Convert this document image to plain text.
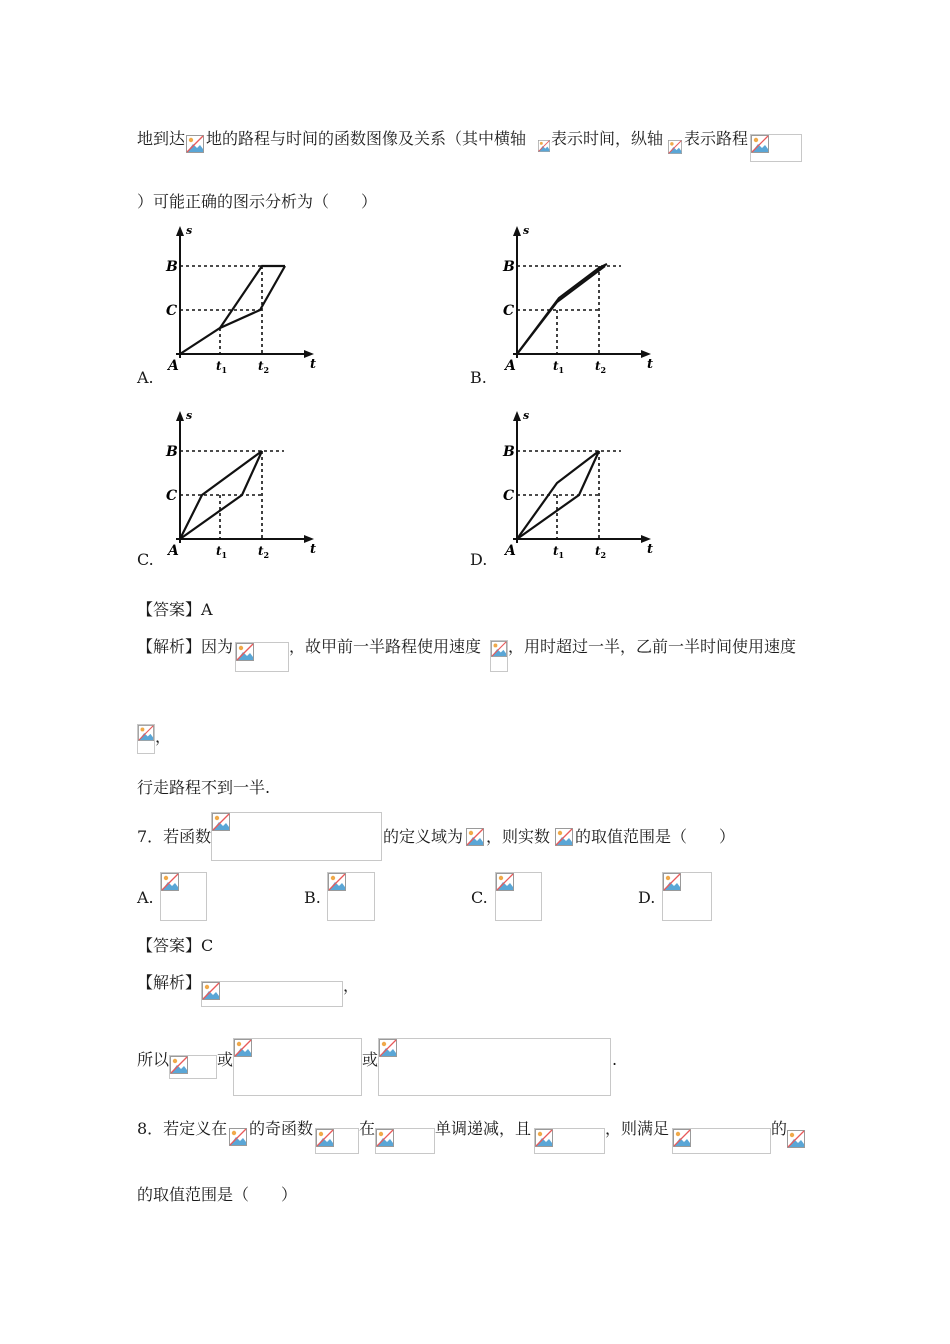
地到达 地的路程与时间的函数图像及关系（其中横轴 表示时间，纵轴 表示路程
）可能正确的图示分析为（　　）
s
t
B
C
A	$t_1$	$t_2$
s
t
B
C
A	$t_1$	$t_2$
s
t
B
C
A	$t_1$	$t_2$
s
t
B
C
A	$t_1$	$t_2$
A.	B.
C.	D.
【答案】A
【解析】因为	，故甲前一半路程使用速度 ，用时超过一半，乙前一半时间使用速度
，
行走路程不到一半.
7．若函数	的定义域为 ，则实数 的取值范围是（　　）
A.	B.	C.	D.
【答案】C
【解析】	，
所以	或	或	.
8．若定义在 的奇函数	在	单调递减，且	，则满足	的
的取值范围是（　　）
